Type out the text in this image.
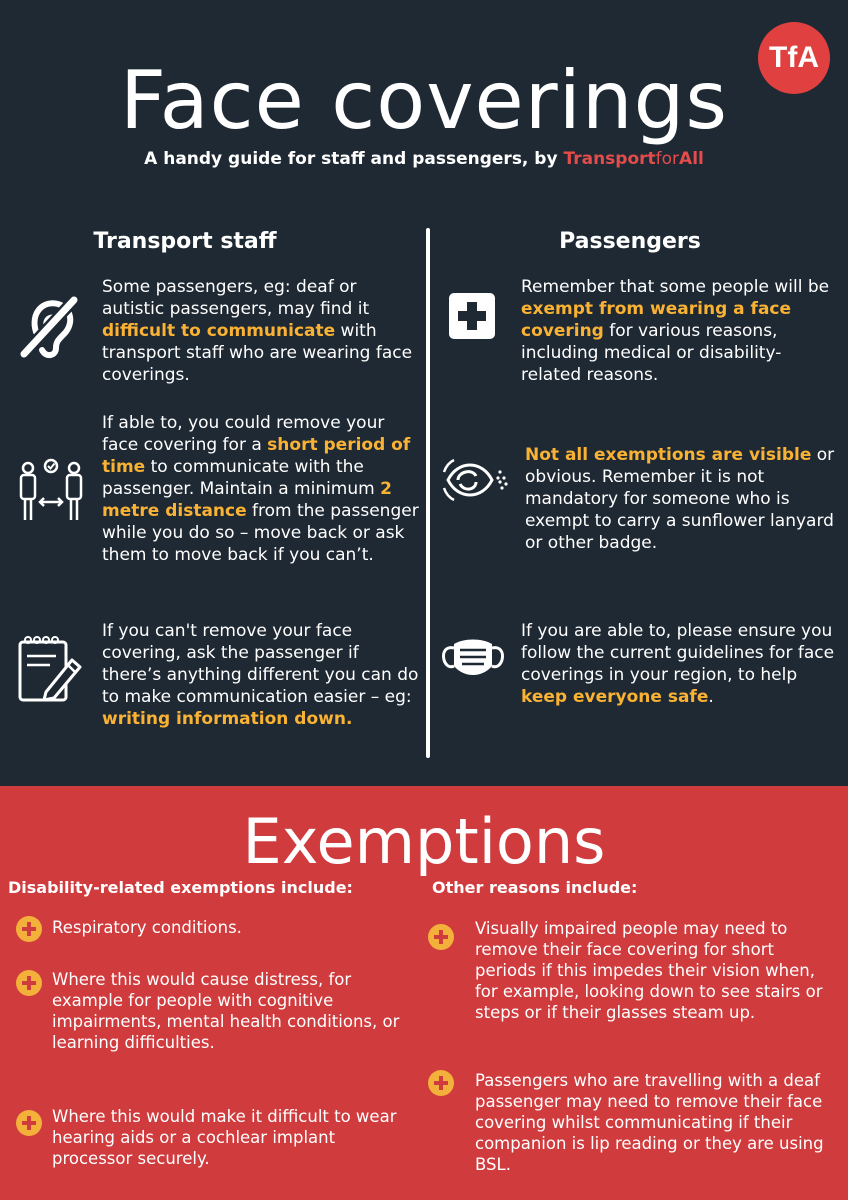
TfA
Face coverings
A handy guide for staff and passengers, by TransportforAll
Transport staff	Passengers
Some passengers, eg: deaf or autistic passengers, may find it difficult to communicate with transport staff who are wearing face coverings.
If able to, you could remove your face covering for a short period of time to communicate with the passenger. Maintain a minimum 2 metre distance from the passenger while you do so – move back or ask them to move back if you can’t.
If you can't remove your face covering, ask the passenger if there’s anything different you can do to make communication easier – eg: writing information down.
Remember that some people will be exempt from wearing a face covering for various reasons, including medical or disability-related reasons.
Not all exemptions are visible or obvious. Remember it is not mandatory for someone who is exempt to carry a sunflower lanyard or other badge.
If you are able to, please ensure you follow the current guidelines for face coverings in your region, to help keep everyone safe.
Exemptions
Disability-related exemptions include:	Other reasons include:
Respiratory conditions.
Where this would cause distress, for example for people with cognitive impairments, mental health conditions, or learning difficulties.
Where this would make it difficult to wear hearing aids or a cochlear implant processor securely.
Visually impaired people may need to remove their face covering for short periods if this impedes their vision when, for example, looking down to see stairs or steps or if their glasses steam up.
Passengers who are travelling with a deaf passenger may need to remove their face covering whilst communicating if their companion is lip reading or they are using BSL.
